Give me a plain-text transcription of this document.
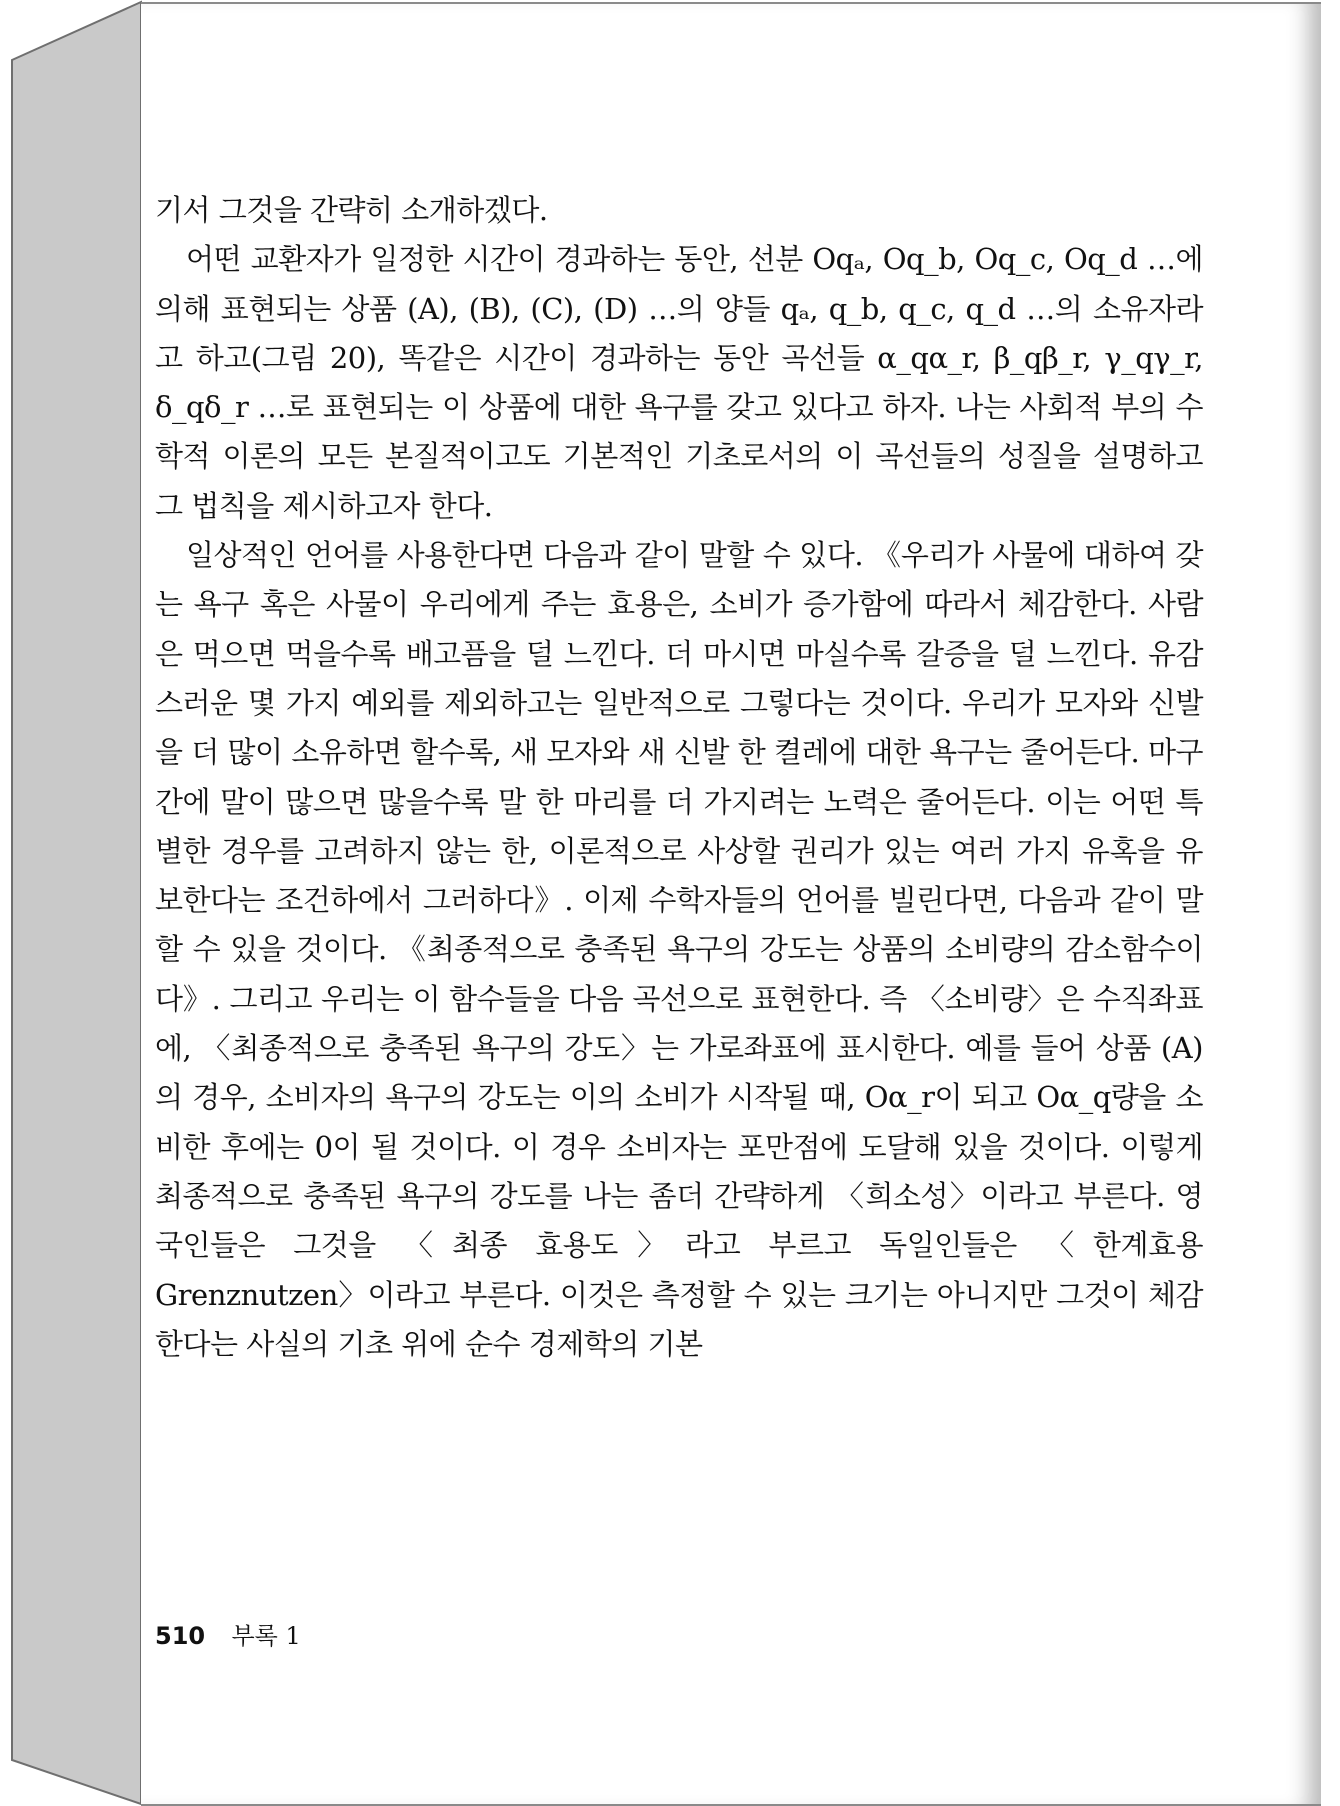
기서 그것을 간략히 소개하겠다.

어떤 교환자가 일정한 시간이 경과하는 동안, 선분 Oqₐ, Oq_b, Oq_c, Oq_d …에 의해 표현되는 상품 (A), (B), (C), (D) …의 양들 qₐ, q_b, q_c, q_d …의 소유자라고 하고(그림 20), 똑같은 시간이 경과하는 동안 곡선들 α_qα_r, β_qβ_r, γ_qγ_r, δ_qδ_r …로 표현되는 이 상품에 대한 욕구를 갖고 있다고 하자. 나는 사회적 부의 수학적 이론의 모든 본질적이고도 기본적인 기초로서의 이 곡선들의 성질을 설명하고 그 법칙을 제시하고자 한다.

일상적인 언어를 사용한다면 다음과 같이 말할 수 있다. 《우리가 사물에 대하여 갖는 욕구 혹은 사물이 우리에게 주는 효용은, 소비가 증가함에 따라서 체감한다. 사람은 먹으면 먹을수록 배고픔을 덜 느낀다. 더 마시면 마실수록 갈증을 덜 느낀다. 유감스러운 몇 가지 예외를 제외하고는 일반적으로 그렇다는 것이다. 우리가 모자와 신발을 더 많이 소유하면 할수록, 새 모자와 새 신발 한 켤레에 대한 욕구는 줄어든다. 마구간에 말이 많으면 많을수록 말 한 마리를 더 가지려는 노력은 줄어든다. 이는 어떤 특별한 경우를 고려하지 않는 한, 이론적으로 사상할 권리가 있는 여러 가지 유혹을 유보한다는 조건하에서 그러하다》. 이제 수학자들의 언어를 빌린다면, 다음과 같이 말할 수 있을 것이다. 《최종적으로 충족된 욕구의 강도는 상품의 소비량의 감소함수이다》. 그리고 우리는 이 함수들을 다음 곡선으로 표현한다. 즉 〈소비량〉은 수직좌표에, 〈최종적으로 충족된 욕구의 강도〉는 가로좌표에 표시한다. 예를 들어 상품 (A)의 경우, 소비자의 욕구의 강도는 이의 소비가 시작될 때, Oα_r이 되고 Oα_q량을 소비한 후에는 0이 될 것이다. 이 경우 소비자는 포만점에 도달해 있을 것이다. 이렇게 최종적으로 충족된 욕구의 강도를 나는 좀더 간략하게 〈희소성〉이라고 부른다. 영국인들은 그것을 〈최종 효용도〉라고 부르고 독일인들은 〈한계효용 Grenznutzen〉이라고 부른다. 이것은 측정할 수 있는 크기는 아니지만 그것이 체감한다는 사실의 기초 위에 순수 경제학의 기본

510 부록 1
